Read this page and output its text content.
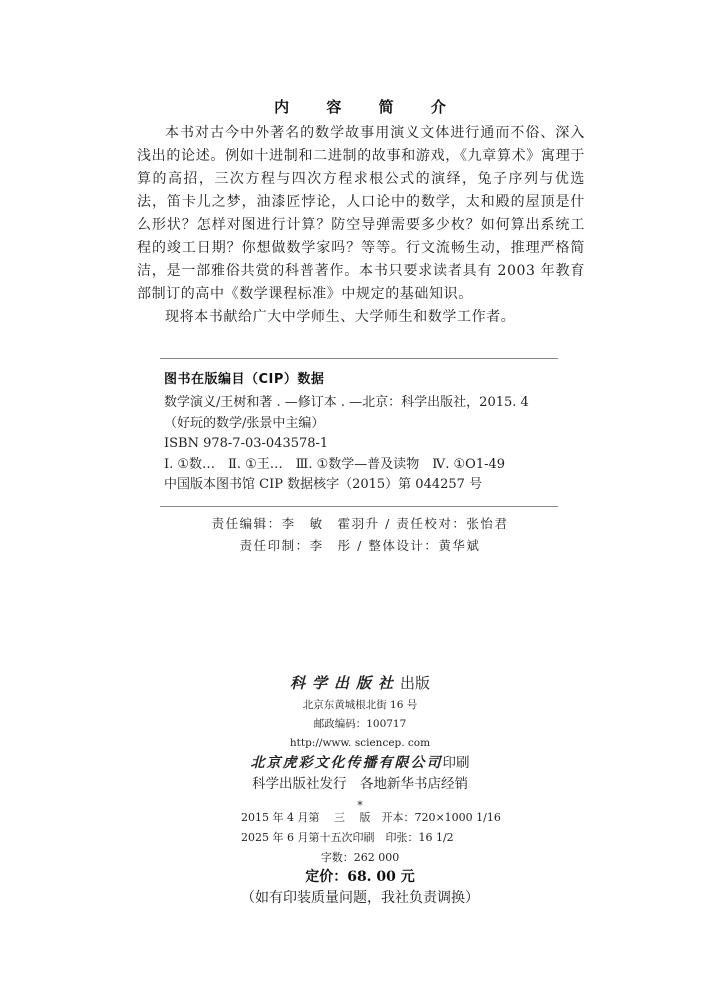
内 容 简 介

本书对古今中外著名的数学故事用演义文体进行通而不俗、深入浅出的论述。例如十进制和二进制的故事和游戏，《九章算术》寓理于算的高招，三次方程与四次方程求根公式的演绎，兔子序列与优选法，笛卡儿之梦，油漆匠悖论，人口论中的数学，太和殿的屋顶是什么形状？怎样对图进行计算？防空导弹需要多少枚？如何算出系统工程的竣工日期？你想做数学家吗？等等。行文流畅生动，推理严格简洁，是一部雅俗共赏的科普著作。本书只要求读者具有 2003 年教育部制订的高中《数学课程标准》中规定的基础知识。

现将本书献给广大中学师生、大学师生和数学工作者。

图书在版编目（CIP）数据
数学演义/王树和著 . —修订本 . —北京：科学出版社，2015. 4
（好玩的数学/张景中主编）
ISBN 978-7-03-043578-1
Ⅰ. ①数…　Ⅱ. ①王…　Ⅲ. ①数学—普及读物　Ⅳ. ①O1-49
中国版本图书馆 CIP 数据核字（2015）第 044257 号
责任编辑：李　敏　霍羽升 / 责任校对：张怡君
责任印制：李　彤 / 整体设计：黄华斌
科学出版社出版
北京东黄城根北街 16 号
邮政编码：100717
http://www. sciencep. com
北京虎彩文化传播有限公司印刷
科学出版社发行　各地新华书店经销
*
2015 年 4 月第　 三　 版　开本：720×1000 1/16
2025 年 6 月第十五次印刷　印张：16 1/2
字数：262 000
定价：68. 00 元
（如有印装质量问题，我社负责调换）
